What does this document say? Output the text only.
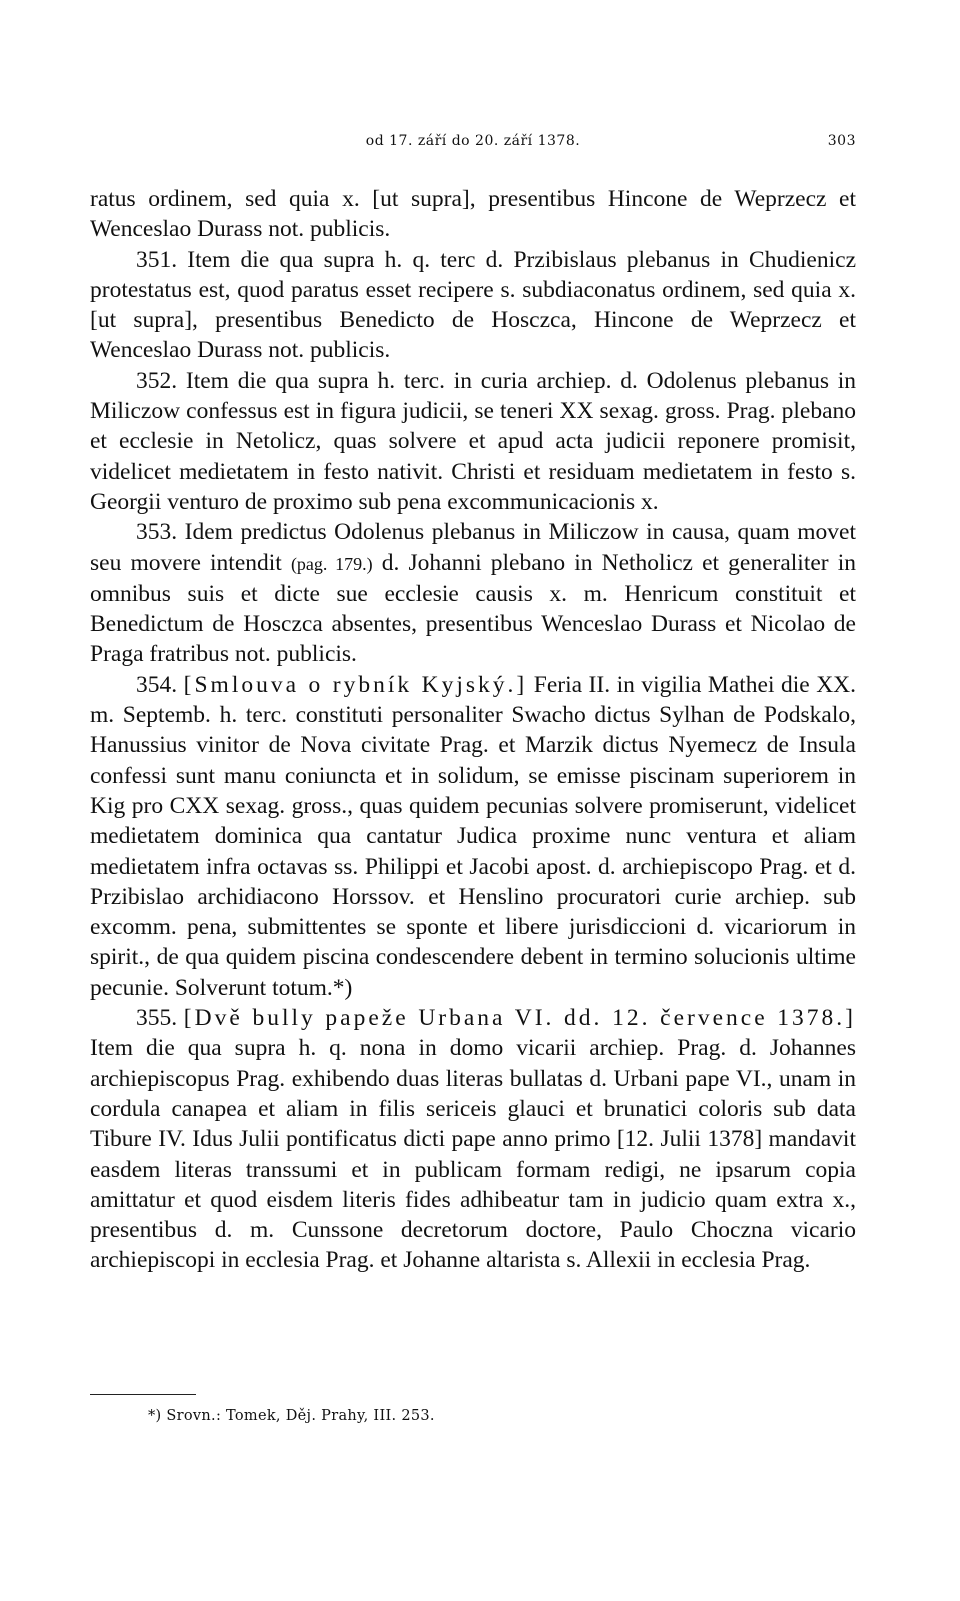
od 17. září do 20. září 1378.	303

ratus ordinem, sed quia x. [ut supra], presentibus Hincone de Weprzecz et Wenceslao Durass not. publicis.

351. Item die qua supra h. q. terc d. Przibislaus plebanus in Chudienicz protestatus est, quod paratus esset recipere s. subdiaconatus ordinem, sed quia x. [ut supra], presentibus Benedicto de Hosczca, Hincone de Weprzecz et Wenceslao Durass not. publicis.

352. Item die qua supra h. terc. in curia archiep. d. Odolenus plebanus in Miliczow confessus est in figura judicii, se teneri XX sexag. gross. Prag. plebano et ecclesie in Netolicz, quas solvere et apud acta judicii reponere promisit, videlicet medietatem in festo nativit. Christi et residuam medietatem in festo s. Georgii venturo de proximo sub pena excommunicacionis x.

353. Idem predictus Odolenus plebanus in Miliczow in causa, quam movet seu movere intendit (pag. 179.) d. Johanni plebano in Netholicz et generaliter in omnibus suis et dicte sue ecclesie causis x. m. Henricum constituit et Benedictum de Hosczca absentes, presentibus Wenceslao Durass et Nicolao de Praga fratribus not. publicis.

354. [Smlouva o rybník Kyjský.] Feria II. in vigilia Mathei die XX. m. Septemb. h. terc. constituti personaliter Swacho dictus Sylhan de Podskalo, Hanussius vinitor de Nova civitate Prag. et Marzik dictus Nyemecz de Insula confessi sunt manu coniuncta et in solidum, se emisse piscinam superiorem in Kig pro CXX sexag. gross., quas quidem pecunias solvere promiserunt, videlicet medietatem dominica qua cantatur Judica proxime nunc ventura et aliam medietatem infra octavas ss. Philippi et Jacobi apost. d. archiepiscopo Prag. et d. Przibislao archidiacono Horssov. et Henslino procuratori curie archiep. sub excomm. pena, submittentes se sponte et libere jurisdiccioni d. vicariorum in spirit., de qua quidem piscina condescendere debent in termino solucionis ultime pecunie. Solverunt totum.*)

355. [Dvě bully papeže Urbana VI. dd. 12. července 1378.] Item die qua supra h. q. nona in domo vicarii archiep. Prag. d. Johannes archiepiscopus Prag. exhibendo duas literas bullatas d. Urbani pape VI., unam in cordula canapea et aliam in filis sericeis glauci et brunatici coloris sub data Tibure IV. Idus Julii pontificatus dicti pape anno primo [12. Julii 1378] mandavit easdem literas transsumi et in publicam formam redigi, ne ipsarum copia amittatur et quod eisdem literis fides adhibeatur tam in judicio quam extra x., presentibus d. m. Cunssone decretorum doctore, Paulo Choczna vicario archiepiscopi in ecclesia Prag. et Johanne altarista s. Allexii in ecclesia Prag.

*) Srovn.: Tomek, Děj. Prahy, III. 253.
